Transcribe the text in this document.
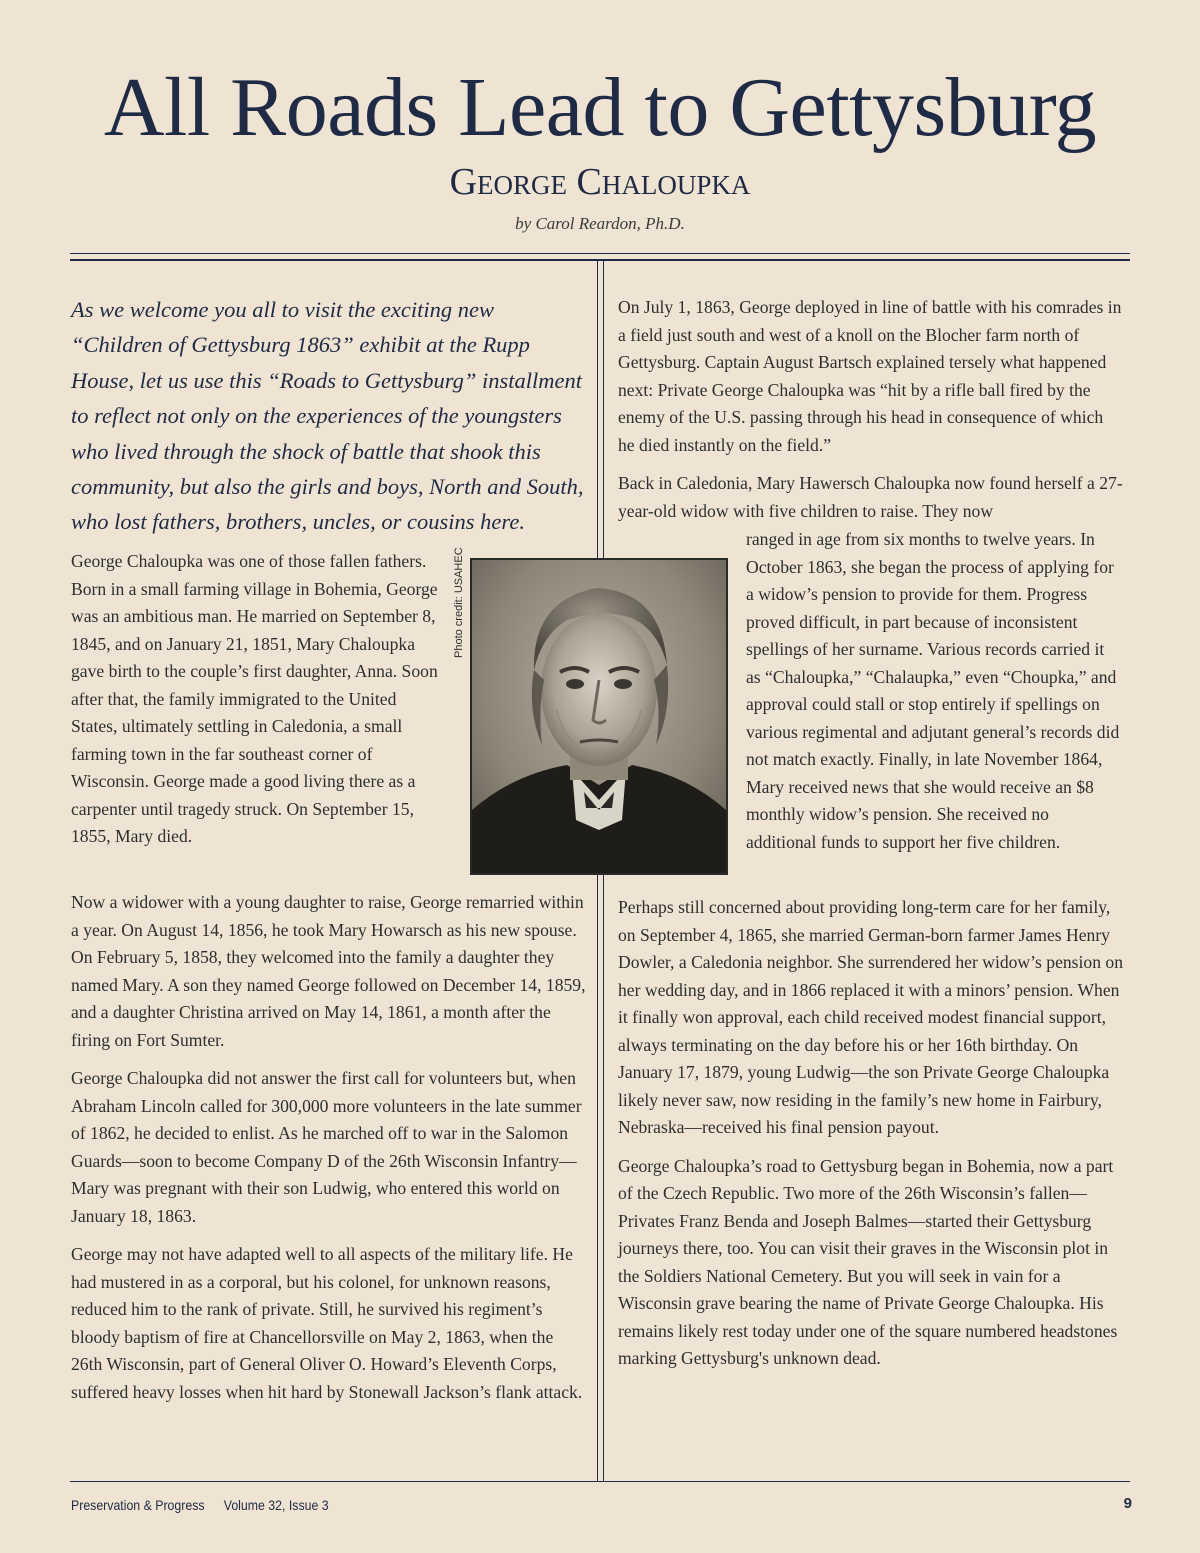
All Roads Lead to Gettysburg
George Chaloupka
by Carol Reardon, Ph.D.

As we welcome you all to visit the exciting new “Children of Gettysburg 1863” exhibit at the Rupp House, let us use this “Roads to Gettysburg” installment to reflect not only on the experiences of the youngsters who lived through the shock of battle that shook this community, but also the girls and boys, North and South, who lost fathers, brothers, uncles, or cousins here.

George Chaloupka was one of those fallen fathers. Born in a small farming village in Bohemia, George was an ambitious man. He married on September 8, 1845, and on January 21, 1851, Mary Chaloupka gave birth to the couple’s first daughter, Anna. Soon after that, the family immigrated to the United States, ultimately settling in Caledonia, a small farming town in the far southeast corner of Wisconsin. George made a good living there as a carpenter until tragedy struck. On September 15, 1855, Mary died.

Photo credit: USAHEC

Now a widower with a young daughter to raise, George remarried within a year. On August 14, 1856, he took Mary Howarsch as his new spouse. On February 5, 1858, they welcomed into the family a daughter they named Mary. A son they named George followed on December 14, 1859, and a daughter Christina arrived on May 14, 1861, a month after the firing on Fort Sumter.

George Chaloupka did not answer the first call for volunteers but, when Abraham Lincoln called for 300,000 more volunteers in the late summer of 1862, he decided to enlist. As he marched off to war in the Salomon Guards—soon to become Company D of the 26th Wisconsin Infantry—Mary was pregnant with their son Ludwig, who entered this world on January 18, 1863.

George may not have adapted well to all aspects of the military life. He had mustered in as a corporal, but his colonel, for unknown reasons, reduced him to the rank of private. Still, he survived his regiment’s bloody baptism of fire at Chancellorsville on May 2, 1863, when the 26th Wisconsin, part of General Oliver O. Howard’s Eleventh Corps, suffered heavy losses when hit hard by Stonewall Jackson’s flank attack.

On July 1, 1863, George deployed in line of battle with his comrades in a field just south and west of a knoll on the Blocher farm north of Gettysburg. Captain August Bartsch explained tersely what happened next: Private George Chaloupka was “hit by a rifle ball fired by the enemy of the U.S. passing through his head in consequence of which he died instantly on the field.”

Back in Caledonia, Mary Hawersch Chaloupka now found herself a 27-year-old widow with five children to raise. They now

ranged in age from six months to twelve years. In October 1863, she began the process of applying for a widow’s pension to provide for them. Progress proved difficult, in part because of inconsistent spellings of her surname. Various records carried it as “Chaloupka,” “Chalaupka,” even “Choupka,” and approval could stall or stop entirely if spellings on various regimental and adjutant general’s records did not match exactly. Finally, in late November 1864, Mary received news that she would receive an $8 monthly widow’s pension. She received no additional funds to support her five children.

Perhaps still concerned about providing long-term care for her family, on September 4, 1865, she married German-born farmer James Henry Dowler, a Caledonia neighbor. She surrendered her widow’s pension on her wedding day, and in 1866 replaced it with a minors’ pension. When it finally won approval, each child received modest financial support, always terminating on the day before his or her 16th birthday. On January 17, 1879, young Ludwig—the son Private George Chaloupka likely never saw, now residing in the family’s new home in Fairbury, Nebraska—received his final pension payout.

George Chaloupka’s road to Gettysburg began in Bohemia, now a part of the Czech Republic. Two more of the 26th Wisconsin’s fallen—Privates Franz Benda and Joseph Balmes—started their Gettysburg journeys there, too. You can visit their graves in the Wisconsin plot in the Soldiers National Cemetery. But you will seek in vain for a Wisconsin grave bearing the name of Private George Chaloupka. His remains likely rest today under one of the square numbered headstones marking Gettysburg's unknown dead.

Preservation & Progress Volume 32, Issue 3	9
